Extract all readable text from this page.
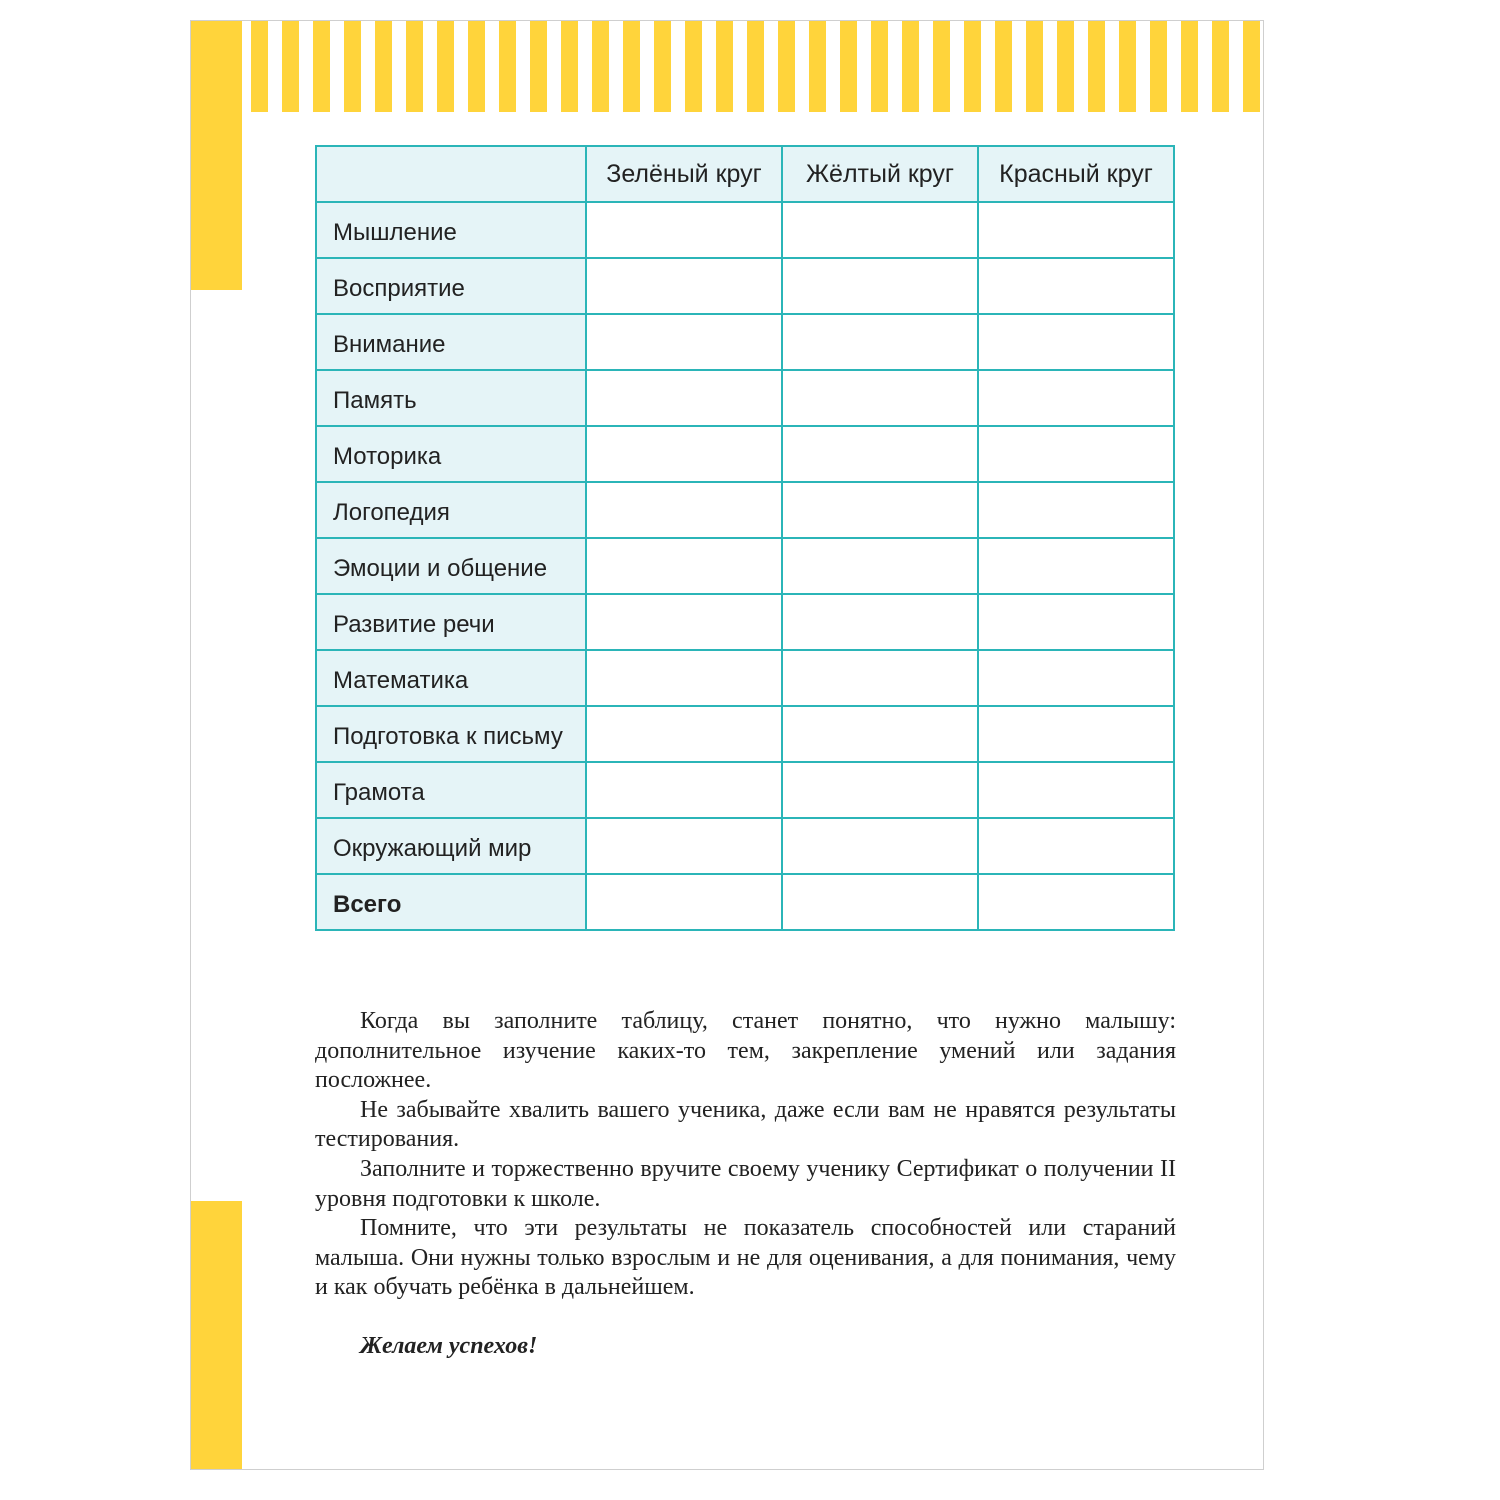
	Зелёный круг	Жёлтый круг	Красный круг
Мышление			
Восприятие			
Внимание			
Память			
Моторика			
Логопедия			
Эмоции и общение			
Развитие речи			
Математика			
Подготовка к письму			
Грамота			
Окружающий мир			
Всего			

Когда вы заполните таблицу, станет понятно, что нужно малышу: дополнительное изучение каких-то тем, закрепление умений или задания посложнее.

Не забывайте хвалить вашего ученика, даже если вам не нравятся результаты тестирования.

Заполните и торжественно вручите своему ученику Сертификат о получении II уровня подготовки к школе.

Помните, что эти результаты не показатель способностей или стараний малыша. Они нужны только взрослым и не для оценивания, а для понимания, чему и как обучать ребёнка в дальнейшем.

Желаем успехов!
